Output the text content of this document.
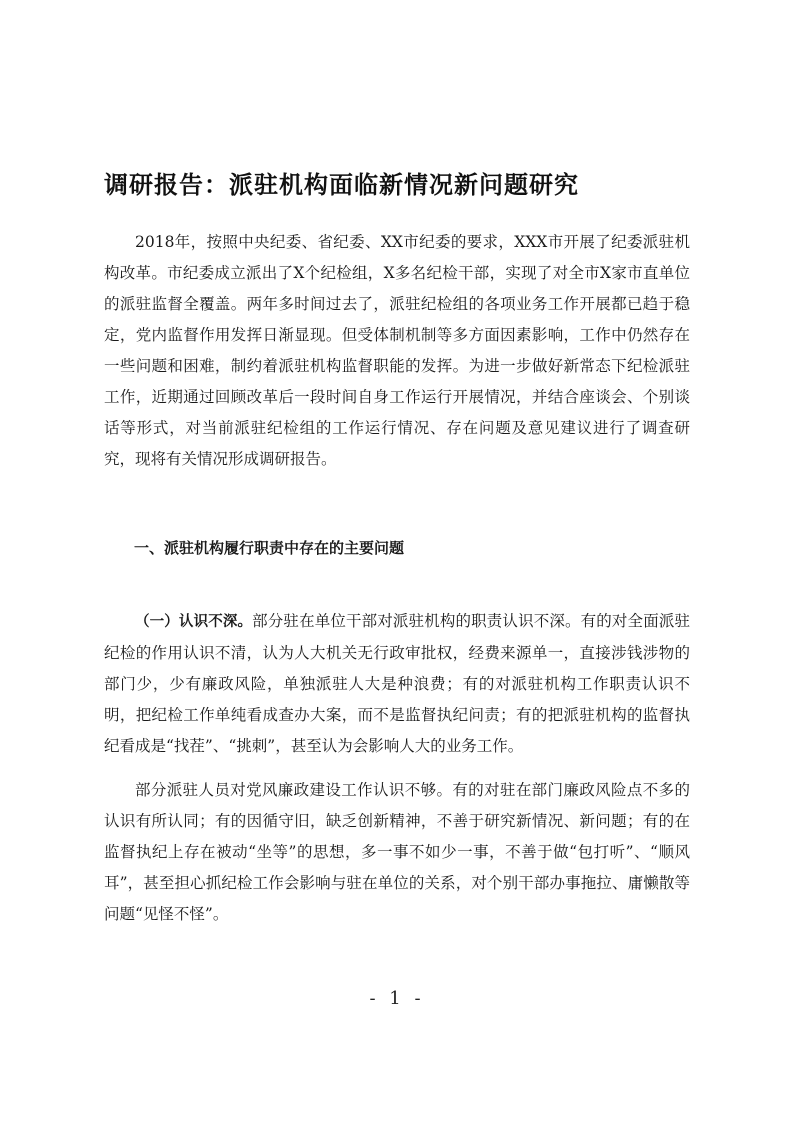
调研报告：派驻机构面临新情况新问题研究
2018年，按照中央纪委、省纪委、XX市纪委的要求，XXX市开展了纪委派驻机构改革。市纪委成立派出了X个纪检组，X多名纪检干部，实现了对全市X家市直单位的派驻监督全覆盖。两年多时间过去了，派驻纪检组的各项业务工作开展都已趋于稳定，党内监督作用发挥日渐显现。但受体制机制等多方面因素影响，工作中仍然存在一些问题和困难，制约着派驻机构监督职能的发挥。为进一步做好新常态下纪检派驻工作，近期通过回顾改革后一段时间自身工作运行开展情况，并结合座谈会、个别谈话等形式，对当前派驻纪检组的工作运行情况、存在问题及意见建议进行了调查研究，现将有关情况形成调研报告。
一、派驻机构履行职责中存在的主要问题
（一）认识不深。部分驻在单位干部对派驻机构的职责认识不深。有的对全面派驻纪检的作用认识不清，认为人大机关无行政审批权，经费来源单一，直接涉钱涉物的部门少，少有廉政风险，单独派驻人大是种浪费；有的对派驻机构工作职责认识不明，把纪检工作单纯看成查办大案，而不是监督执纪问责；有的把派驻机构的监督执纪看成是“找茬”、“挑刺”，甚至认为会影响人大的业务工作。
部分派驻人员对党风廉政建设工作认识不够。有的对驻在部门廉政风险点不多的认识有所认同；有的因循守旧，缺乏创新精神，不善于研究新情况、新问题；有的在监督执纪上存在被动“坐等”的思想，多一事不如少一事，不善于做“包打听”、“顺风耳”，甚至担心抓纪检工作会影响与驻在单位的关系，对个别干部办事拖拉、庸懒散等问题“见怪不怪”。
- 1 -
